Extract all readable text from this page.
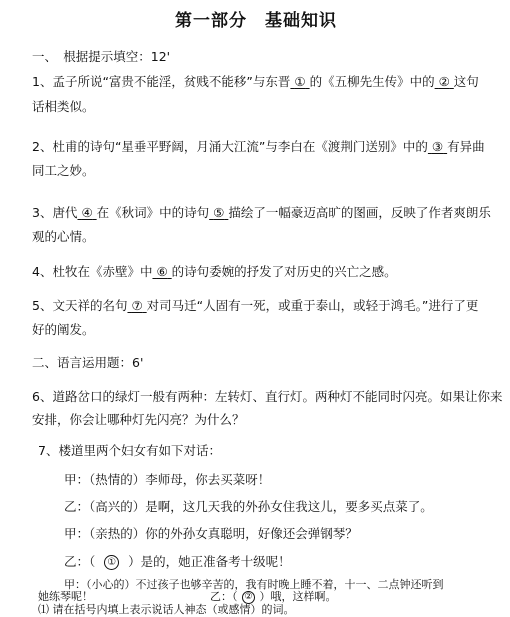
第一部分　基础知识
一、　根据提示填空：12'
1、孟子所说“富贵不能淫，贫贱不能移”与东晋 ① 的《五柳先生传》中的 ② 这句
话相类似。
2、杜甫的诗句“星垂平野阔，月涌大江流”与李白在《渡荆门送别》中的 ③ 有异曲
同工之妙。
3、唐代 ④ 在《秋词》中的诗句 ⑤ 描绘了一幅豪迈高旷的图画，反映了作者爽朗乐
观的心情。
4、杜牧在《赤壁》中 ⑥ 的诗句委婉的抒发了对历史的兴亡之感。
5、文天祥的名句 ⑦ 对司马迁“人固有一死，或重于泰山，或轻于鸿毛。”进行了更
好的阐发。
二、语言运用题：6'
6、道路岔口的绿灯一般有两种：左转灯、直行灯。两种灯不能同时闪亮。如果让你来
安排，你会让哪种灯先闪亮？为什么？
7、楼道里两个妇女有如下对话：
甲：（热情的）李师母，你去买菜呀！
乙：（高兴的）是啊，这几天我的外孙女住我这儿，要多买点菜了。
甲：（亲热的）你的外孙女真聪明，好像还会弹钢琴？
乙：（ ① ）是的，她正准备考十级呢！
甲：（小心的）不过孩子也够辛苦的，我有时晚上睡不着，十一、二点钟还听到
她练琴呢！	乙：（ ② ）哦，这样啊。
⑴ 请在括号内填上表示说话人神态（或感情）的词。
